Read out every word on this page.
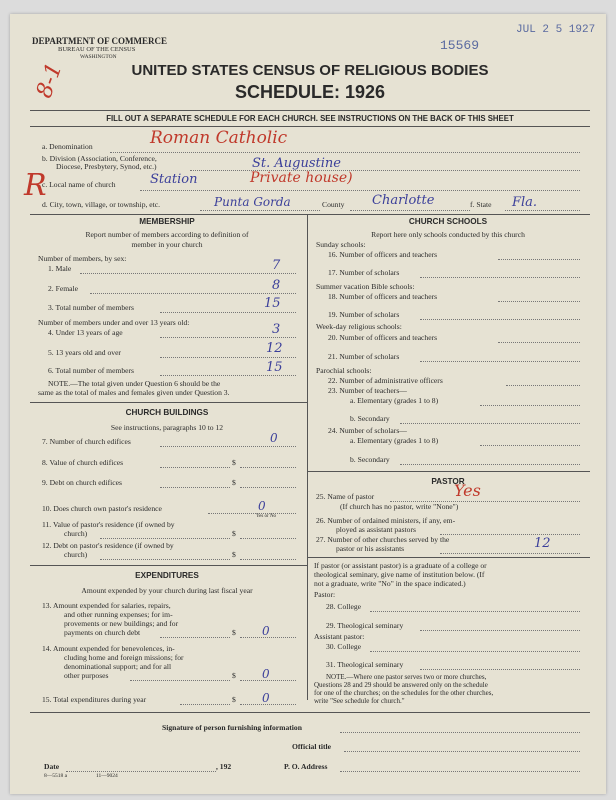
DEPARTMENT OF COMMERCE
BUREAU OF THE CENSUS
WASHINGTON
15569
JUL 2 5 1927
8-1
R
UNITED STATES CENSUS OF RELIGIOUS BODIES
SCHEDULE: 1926
FILL OUT A SEPARATE SCHEDULE FOR EACH CHURCH. SEE INSTRUCTIONS ON THE BACK OF THIS SHEET
a. Denomination	Roman Catholic
b. Division (Association, Conference,
Diocese, Presbytery, Synod, etc.)	St. Augustine
c. Local name of church	Station	Private house)
d. City, town, village, or township, etc.	Punta Gorda	County Charlotte	f. State Fla.
MEMBERSHIP
Report number of members according to definition of
member in your church
Number of members, by sex:
1. Male	7
2. Female	8
3. Total number of members	15
Number of members under and over 13 years old:
4. Under 13 years of age	3
5. 13 years old and over	12
6. Total number of members	15
NOTE.—The total given under Question 6 should be the
same as the total of males and females given under Question 3.
CHURCH BUILDINGS
See instructions, paragraphs 10 to 12
7. Number of church edifices	0
8. Value of church edifices	$
9. Debt on church edifices	$
10. Does church own pastor's residence	0
Yes or No
11. Value of pastor's residence (if owned by
church)	$
12. Debt on pastor's residence (if owned by
church)	$
EXPENDITURES
Amount expended by your church during last fiscal year
13. Amount expended for salaries, repairs,
and other running expenses; for im-
provements or new buildings; and for
payments on church debt	$ 0
14. Amount expended for benevolences, in-
cluding home and foreign missions; for
denominational support; and for all
other purposes	$ 0
15. Total expenditures during year	$ 0
CHURCH SCHOOLS
Report here only schools conducted by this church
Sunday schools:
16. Number of officers and teachers
17. Number of scholars
Summer vacation Bible schools:
18. Number of officers and teachers
19. Number of scholars
Week-day religious schools:
20. Number of officers and teachers
21. Number of scholars
Parochial schools:
22. Number of administrative officers
23. Number of teachers—
a. Elementary (grades 1 to 8)
b. Secondary
24. Number of scholars—
a. Elementary (grades 1 to 8)
b. Secondary
PASTOR
25. Name of pastor	Yes
(If church has no pastor, write "None")
26. Number of ordained ministers, if any, em-
ployed as assistant pastors
27. Number of other churches served by the
pastor or his assistants	12
If pastor (or assistant pastor) is a graduate of a college or
theological seminary, give name of institution below. (If
not a graduate, write "No" in the space indicated.)
Pastor:
28. College
29. Theological seminary
Assistant pastor:
30. College
31. Theological seminary
NOTE.—Where one pastor serves two or more churches,
Questions 28 and 29 should be answered only on the schedule
for one of the churches; on the schedules for the other churches,
write "See schedule for church."
Signature of person furnishing information
Official title
Date	, 192	P. O. Address
8—5518 a	11—9024
